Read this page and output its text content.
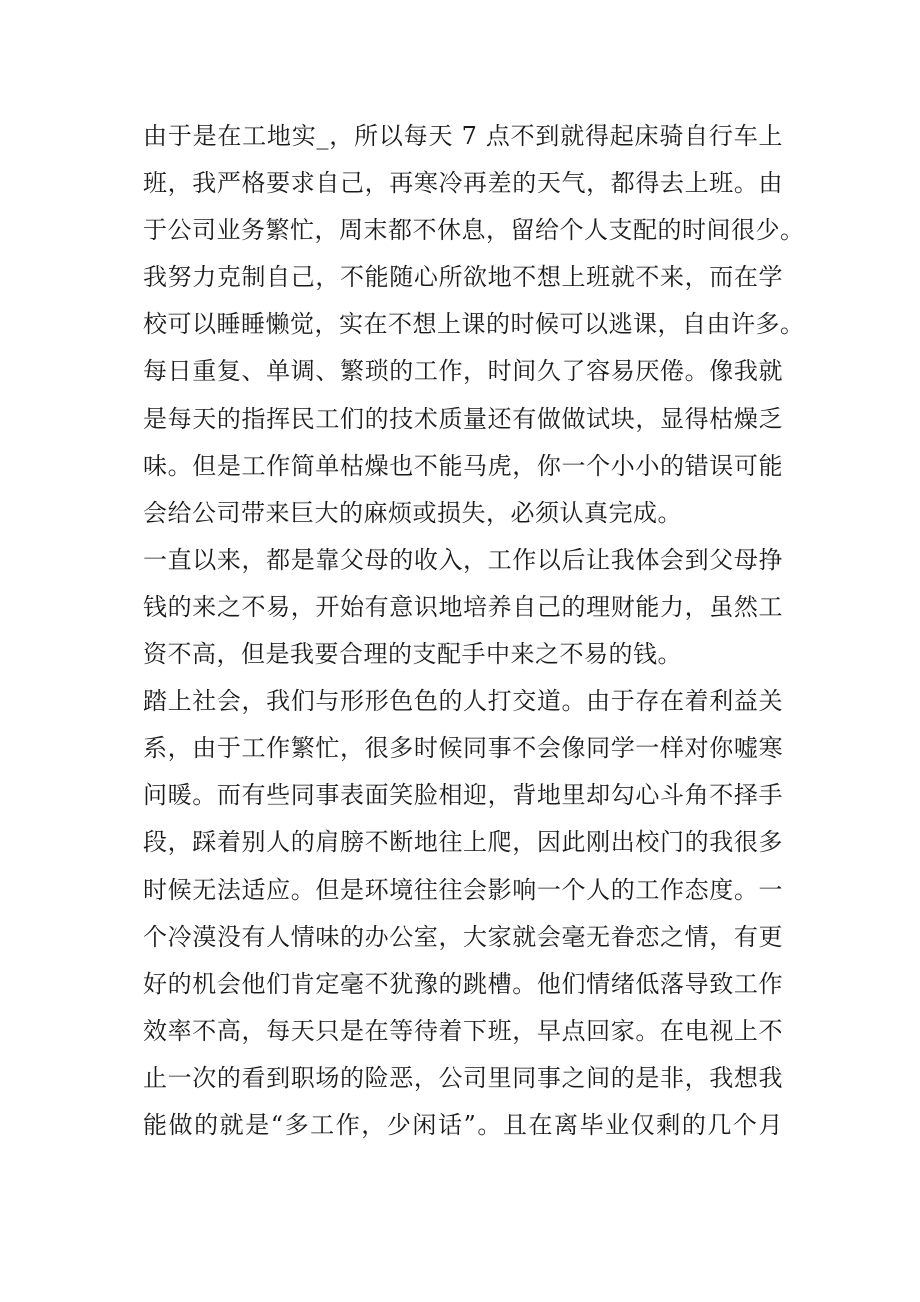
由于是在工地实_，所以每天 7 点不到就得起床骑自行车上
班，我严格要求自己，再寒冷再差的天气，都得去上班。由
于公司业务繁忙，周末都不休息，留给个人支配的时间很少。
我努力克制自己，不能随心所欲地不想上班就不来，而在学
校可以睡睡懒觉，实在不想上课的时候可以逃课，自由许多。
每日重复、单调、繁琐的工作，时间久了容易厌倦。像我就
是每天的指挥民工们的技术质量还有做做试块，显得枯燥乏
味。但是工作简单枯燥也不能马虎，你一个小小的错误可能
会给公司带来巨大的麻烦或损失，必须认真完成。
一直以来，都是靠父母的收入，工作以后让我体会到父母挣
钱的来之不易，开始有意识地培养自己的理财能力，虽然工
资不高，但是我要合理的支配手中来之不易的钱。
踏上社会，我们与形形色色的人打交道。由于存在着利益关
系，由于工作繁忙，很多时候同事不会像同学一样对你嘘寒
问暖。而有些同事表面笑脸相迎，背地里却勾心斗角不择手
段，踩着别人的肩膀不断地往上爬，因此刚出校门的我很多
时候无法适应。但是环境往往会影响一个人的工作态度。一
个冷漠没有人情味的办公室，大家就会毫无眷恋之情，有更
好的机会他们肯定毫不犹豫的跳槽。他们情绪低落导致工作
效率不高，每天只是在等待着下班，早点回家。在电视上不
止一次的看到职场的险恶，公司里同事之间的是非，我想我
能做的就是“多工作，少闲话”。且在离毕业仅剩的几个月
